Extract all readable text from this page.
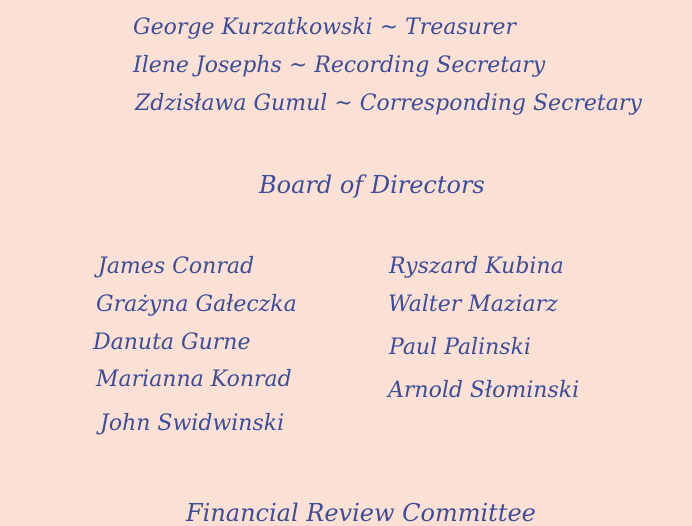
George Kurzatkowski ~ Treasurer
Ilene Josephs ~ Recording Secretary
Zdzisława Gumul ~ Corresponding Secretary
Board of Directors
James Conrad
Grażyna Gałeczka
Danuta Gurne
Marianna Konrad
John Swidwinski
Ryszard Kubina
Walter Maziarz
Paul Palinski
Arnold Słominski
Financial Review Committee
